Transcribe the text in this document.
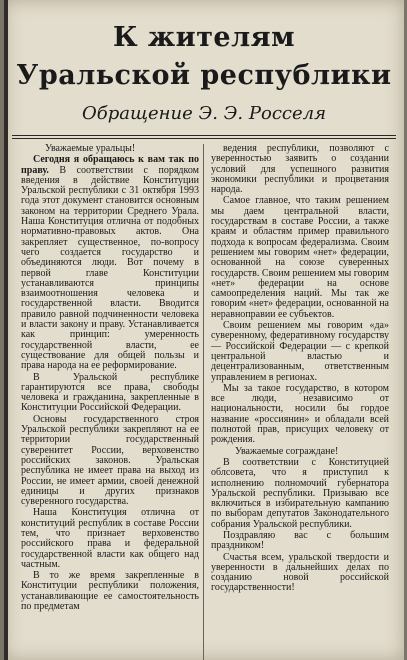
К жителям
Уральской республики
Обращение Э. Э. Росселя

Уважаемые уральцы!

Сегодня я обращаюсь к вам так по праву. В соответствии с порядком введения в действие Конституции Уральской республики с 31 октября 1993 года этот документ становится основным законом на территории Среднего Урала. Наша Конституция отлична от подобных нормативно-правовых актов. Она закрепляет существенное, по-вопросу чего создается государство и объединяются люди. Вот почему в первой главе Конституции устанавливаются принципы взаимоотношения человека и государственной власти. Вводится правило равной подчиненности человека и власти закону и праву. Устанавливается как принцип: умеренность государственной власти, ее существование для общей пользы и права народа на ее реформирование.

В Уральской республике гарантируются все права, свободы человека и гражданина, закрепленные в Конституции Российской Федерации.

Основы государственного строя Уральской республики закрепляют на ее территории государственный суверенитет России, верховенство российских законов. Уральская республика не имеет права на выход из России, не имеет армии, своей денежной единицы и других признаков суверенного государства.

Наша Конституция отлична от конституций республик в составе России тем, что признает верховенство российского права и федеральной государственной власти как общего над частным.

В то же время закрепленные в Конституции республики положения, устанавливающие ее самостоятельность по предметам

ведения республики, позволяют с уверенностью заявить о создании условий для успешного развития экономики республики и процветания народа.

Самое главное, что таким решением мы даем центральной власти, государствам в составе России, а также краям и областям пример правильного подхода к вопросам федерализма. Своим решением мы говорим «нет» федерации, основанной на союзе суверенных государств. Своим решением мы говорим «нет» федерации на основе самоопределения наций. Мы так же говорим «нет» федерации, основанной на неравноправии ее субъектов.

Своим решением мы говорим «да» суверенному, федеративному государству — Российской Федерации — с крепкой центральной властью и децентрализованным, ответственным управлением в регионах.

Мы за такое государство, в котором все люди, независимо от национальности, носили бы гордое название «россиянин» и обладали всей полнотой прав, присущих человеку от рождения.

Уважаемые сограждане!

В соответствии с Конституцией облсовета, что я приступил к исполнению полномочий губернатора Уральской республики. Призываю все включиться в избирательную кампанию по выборам депутатов Законодательного собрания Уральской республики.

Поздравляю вас с большим праздником!

Счастья всем, уральской твердости и уверенности в дальнейших делах по созданию новой российской государственности!
